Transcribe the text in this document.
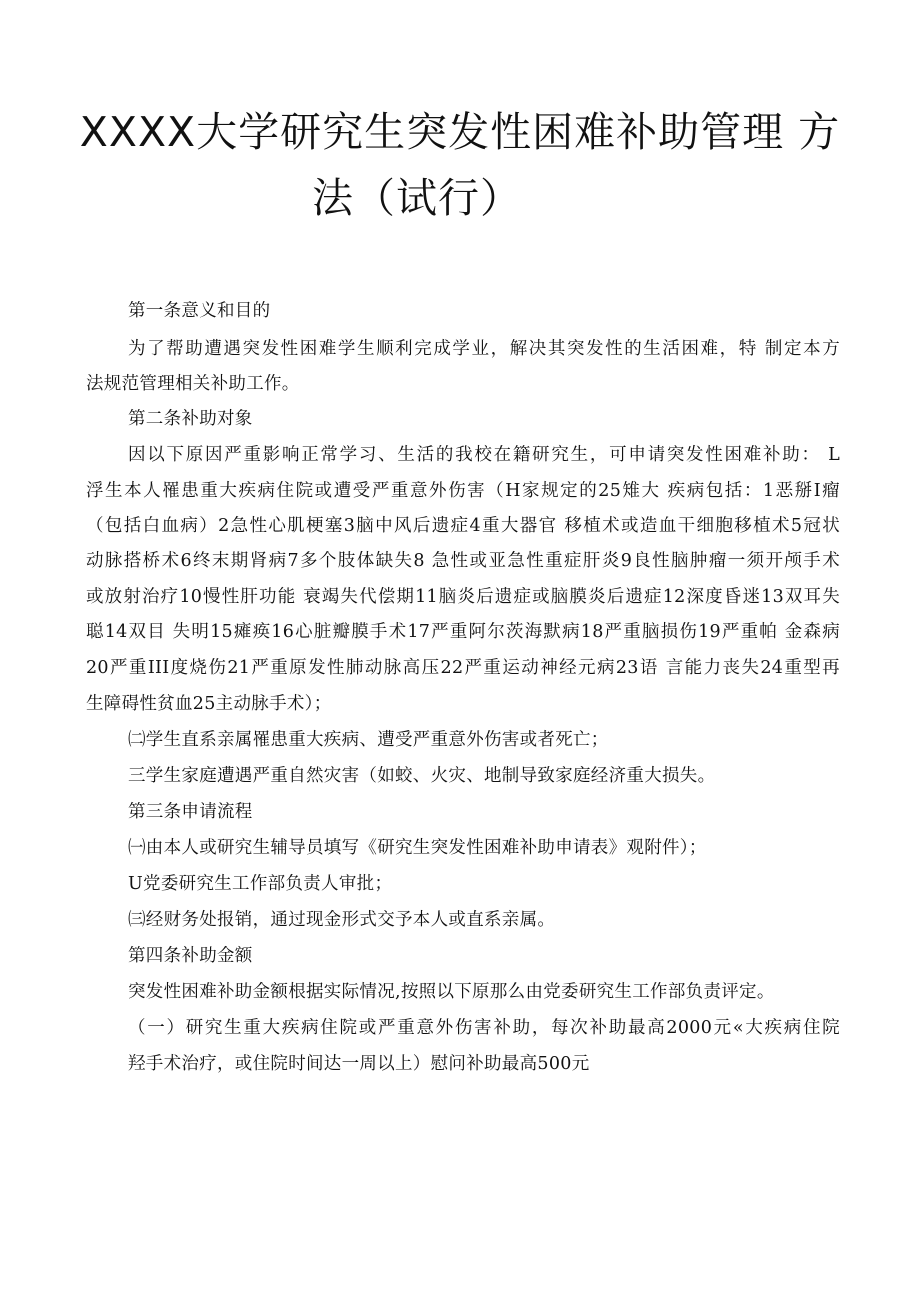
XXXX大学研究生突发性困难补助管理 方
法（试行）
第一条意义和目的
为了帮助遭遇突发性困难学生顺利完成学业，解决其突发性的生活困难，特 制定本方
法规范管理相关补助工作。
第二条补助对象
因以下原因严重影响正常学习、生活的我校在籍研究生，可申请突发性困难补助： L
浮生本人罹患重大疾病住院或遭受严重意外伤害（H家规定的25雉大 疾病包括：1恶掰I瘤
（包括白血病）2急性心肌梗塞3脑中风后遗症4重大器官 移植术或造血干细胞移植术5冠状
动脉搭桥术6终末期肾病7多个肢体缺失8 急性或亚急性重症肝炎9良性脑肿瘤一须开颅手术
或放射治疗10慢性肝功能 衰竭失代偿期11脑炎后遗症或脑膜炎后遗症12深度昏迷13双耳失
聪14双目 失明15瘫痪16心脏瓣膜手术17严重阿尔茨海默病18严重脑损伤19严重帕 金森病
20严重III度烧伤21严重原发性肺动脉高压22严重运动神经元病23语 言能力丧失24重型再
生障碍性贫血25主动脉手术）；
㈡学生直系亲属罹患重大疾病、遭受严重意外伤害或者死亡；
三学生家庭遭遇严重自然灾害（如蛟、火灾、地制导致家庭经济重大损失。
第三条申请流程
㈠由本人或研究生辅导员填写《研究生突发性困难补助申请表》观附件）；
U党委研究生工作部负责人审批；
㈢经财务处报销，通过现金形式交予本人或直系亲属。
第四条补助金额
突发性困难补助金额根据实际情况,按照以下原那么由党委研究生工作部负责评定。
（一）研究生重大疾病住院或严重意外伤害补助，每次补助最高2000元«大疾病住院
羟手术治疗，或住院时间达一周以上）慰问补助最高500元
